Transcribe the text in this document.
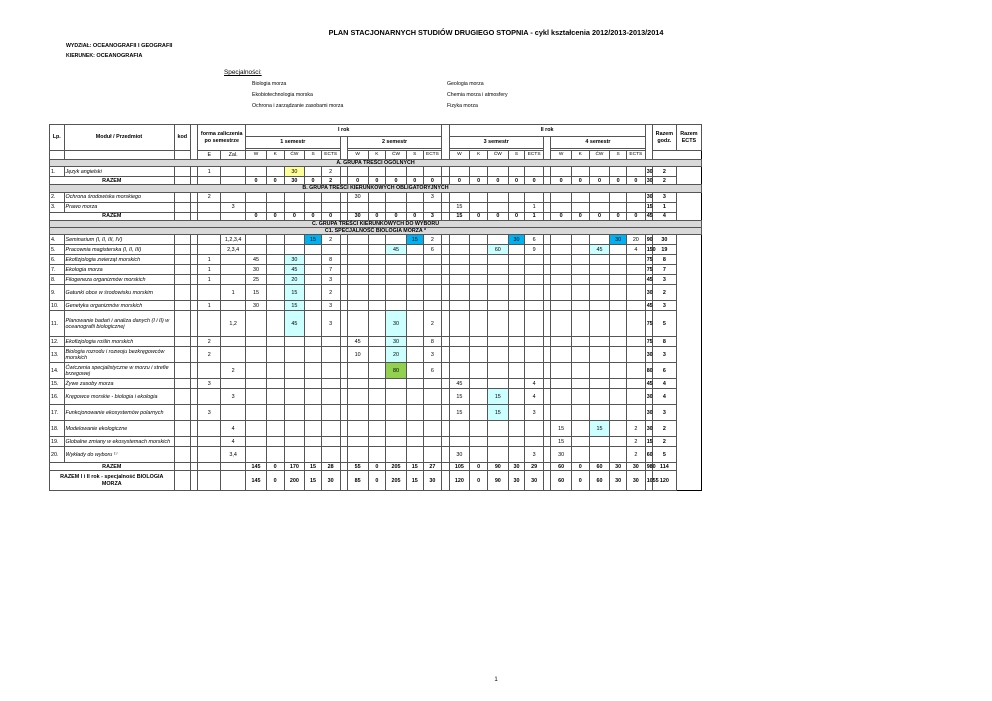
PLAN STACJONARNYCH STUDIÓW DRUGIEGO STOPNIA - cykl kształcenia 2012/2013-2013/2014
WYDZIAŁ: OCEANOGRAFII I GEOGRAFII
KIERUNEK: OCEANOGRAFIA
Specjalności:
Biologia morza	Geologia morza
Ekobiotechnologia morska	Chemia morza i atmosfery
Ochrona i zarządzanie zasobami morza	Fizyka morza
Lp.	Moduł / Przedmiot	kod		forma zaliczenia po semestrze		I rok												II rok												Razem godz.	Razem ECTS
						1 semestr						2 semestr						3 semestr						4 semestr							

				E	Zal.	W	K	ĆW	S	ECTS		W	K	ĆW	S	ECTS		W	K	ĆW	S	ECTS		W	K	ĆW	S	ECTS			
A. GRUPA TREŚCI OGÓLNYCH																															
1.	Język angielski			1				30		2																			30	2	
RAZEM						0	0	30	0	2		0	0	0	0	0		0	0	0	0	0		0	0	0	0	0	30	2	
B. GRUPA TREŚCI KIERUNKOWYCH OBLIGATORYJNYCH																															
2.	Ochrona środowiska morskiego			2								30				3													30	3	
3.	Prawo morza				3													15				1							15	1	
RAZEM						0	0	0	0	0		30	0	0	0	3		15	0	0	0	1		0	0	0	0	0	45	4	
C. GRUPA TREŚCI KIERUNKOWYCH DO WYBORU																															
C1. SPECJALNOŚĆ BIOLOGIA MORZA *																															
4.	Seminarium (I, II, III, IV)				1,2,3,4				15	2					15	2					30	6					30	20	90	30	
5.	Pracownia magisterska (I, II, III)				2,3,4									45		6				60		9				45		4	150	19	
6.	Ekofizjologia zwierząt morskich			1		45		30		8																			75	8	
7.	Ekologia morza			1		30		45		7																			75	7	
8.	Filogeneza organizmów morskich			1		25		20		3																			45	3	
9.	Gatunki obce w środowisku morskim				1	15		15		2																			30	2	
10.	Genetyka organizmów morskich			1		30		15		3																			45	3	
11.	Planowanie badań i analiza danych (I i II) w oceanografii biologicznej				1,2			45		3				30		2													75	5	
12.	Ekofizjologia roślin morskich			2								45		30		8													75	8	
13.	Biologia rozrodu i rozwoju bezkręgowców morskich			2								10		20		3													30	3	
14.	Ćwiczenia specjalistyczne w morzu i strefie brzegowej				2									80		6													80	6	
15.	Żywe zasoby morza			3														45				4							45	4	
16.	Kręgowce morskie - biologia i ekologia				3													15		15		4							30	4	
17.	Funkcjonowanie ekosystemów polarnych			3														15		15		3							30	3	
18.	Modelowanie ekologiczne				4																			15		15		2	30	2	
19.	Globalne zmiany w ekosystemach morskich				4																			15				2	15	2	
20.	Wykłady do wyboru ¹⁾				3,4													30				3		30				2	60	5	
RAZEM						145	0	170	15	28		55	0	205	15	27		105	0	90	30	29		60	0	60	30	30	980	114	
RAZEM I i II rok - specjalność BIOLOGIA MORZA						145	0	200	15	30		85	0	205	15	30		120	0	90	30	30		60	0	60	30	30	1055	120	
1
